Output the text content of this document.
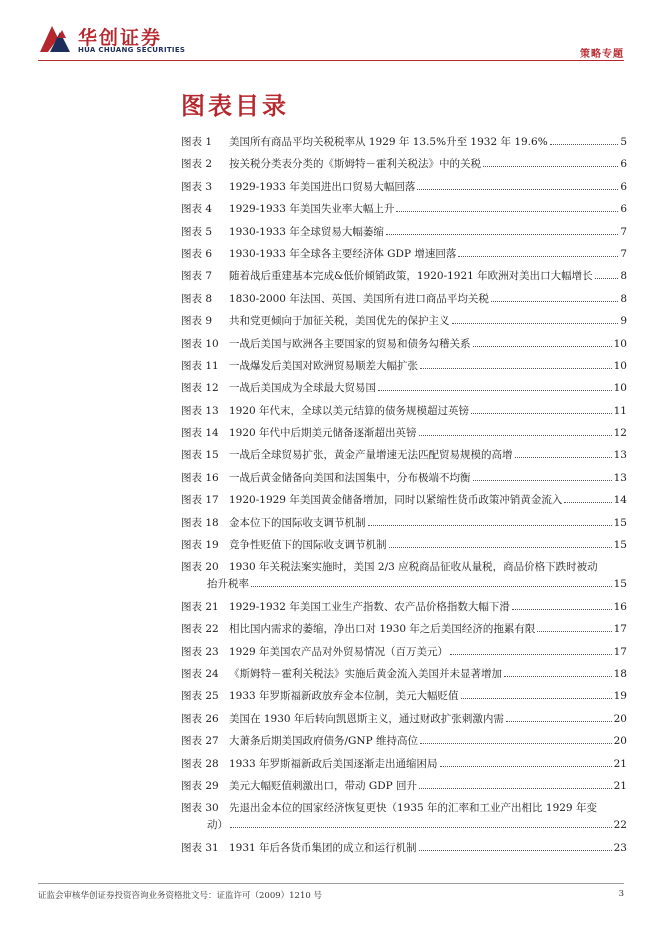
华创证券
HUA CHUANG SECURITIES	策略专题
图表目录
图表 1	美国所有商品平均关税税率从 1929 年 13.5%升至 1932 年 19.6%	5
图表 2	按关税分类表分类的《斯姆特－霍利关税法》中的关税	6
图表 3	1929-1933 年美国进出口贸易大幅回落	6
图表 4	1929-1933 年美国失业率大幅上升	6
图表 5	1930-1933 年全球贸易大幅萎缩	7
图表 6	1930-1933 年全球各主要经济体 GDP 增速回落	7
图表 7	随着战后重建基本完成&低价倾销政策，1920-1921 年欧洲对美出口大幅增长	8
图表 8	1830-2000 年法国、英国、美国所有进口商品平均关税	8
图表 9	共和党更倾向于加征关税，美国优先的保护主义	9
图表 10 一战后美国与欧洲各主要国家的贸易和债务勾稽关系	10
图表 11 一战爆发后美国对欧洲贸易顺差大幅扩张	10
图表 12 一战后美国成为全球最大贸易国	10
图表 13 1920 年代末，全球以美元结算的债务规模超过英镑	11
图表 14 1920 年代中后期美元储备逐渐超出英镑	12
图表 15 一战后全球贸易扩张，黄金产量增速无法匹配贸易规模的高增	13
图表 16 一战后黄金储备向美国和法国集中，分布极端不均衡	13
图表 17 1920-1929 年美国黄金储备增加，同时以紧缩性货币政策冲销黄金流入	14
图表 18 金本位下的国际收支调节机制	15
图表 19 竞争性贬值下的国际收支调节机制	15
图表 20 1930 年关税法案实施时，美国 2/3 应税商品征收从量税，商品价格下跌时被动
抬升税率	15
图表 21 1929-1932 年美国工业生产指数、农产品价格指数大幅下滑	16
图表 22 相比国内需求的萎缩，净出口对 1930 年之后美国经济的拖累有限	17
图表 23 1929 年美国农产品对外贸易情况（百万美元）	17
图表 24 《斯姆特－霍利关税法》实施后黄金流入美国并未显著增加	18
图表 25 1933 年罗斯福新政放弃金本位制，美元大幅贬值	19
图表 26 美国在 1930 年后转向凯恩斯主义，通过财政扩张刺激内需	20
图表 27 大萧条后期美国政府债务/GNP 维持高位	20
图表 28 1933 年罗斯福新政后美国逐渐走出通缩困局	21
图表 29 美元大幅贬值刺激出口，带动 GDP 回升	21
图表 30 先退出金本位的国家经济恢复更快（1935 年的汇率和工业产出相比 1929 年变
动）	22
图表 31 1931 年后各货币集团的成立和运行机制	23
证监会审核华创证券投资咨询业务资格批文号：证监许可（2009）1210 号	3
